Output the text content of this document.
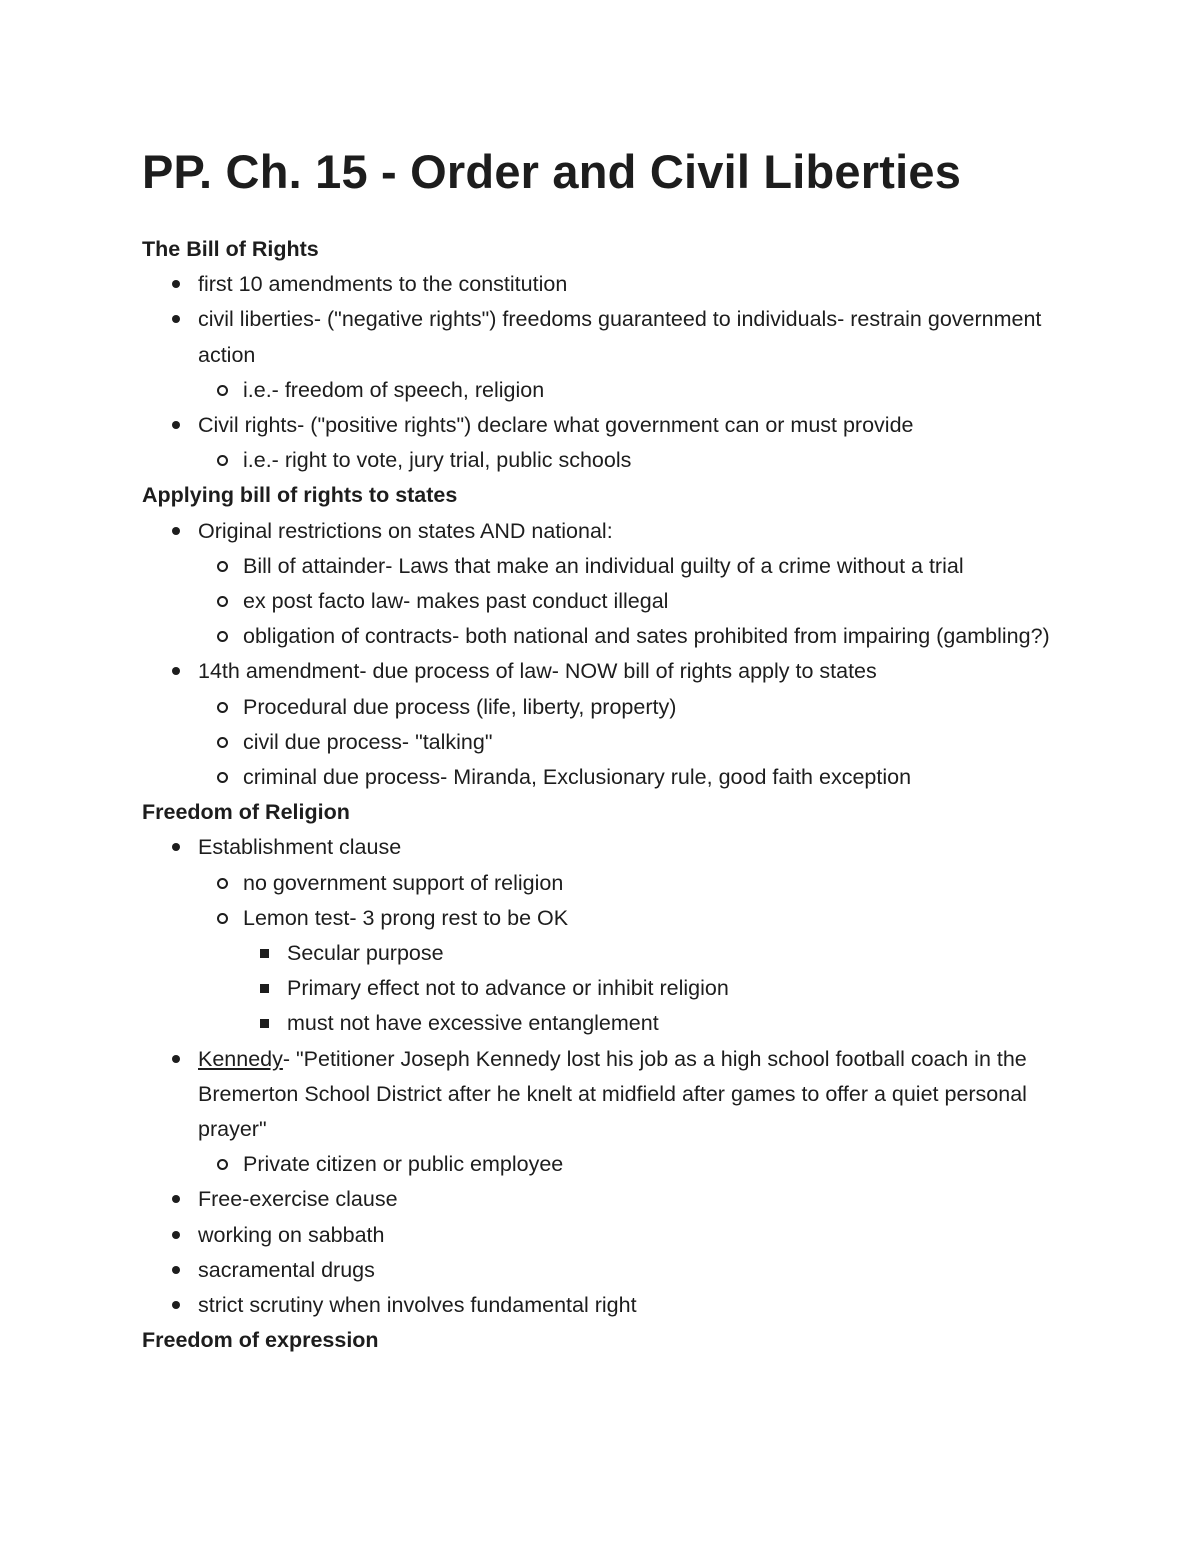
PP. Ch. 15 - Order and Civil Liberties

The Bill of Rights

first 10 amendments to the constitution
civil liberties- ("negative rights") freedoms guaranteed to individuals- restrain government action
i.e.- freedom of speech, religion
Civil rights- ("positive rights") declare what government can or must provide
i.e.- right to vote, jury trial, public schools

Applying bill of rights to states

Original restrictions on states AND national:
Bill of attainder- Laws that make an individual guilty of a crime without a trial
ex post facto law- makes past conduct illegal
obligation of contracts- both national and sates prohibited from impairing (gambling?)
14th amendment- due process of law- NOW bill of rights apply to states
Procedural due process (life, liberty, property)
civil due process- "talking"
criminal due process- Miranda, Exclusionary rule, good faith exception

Freedom of Religion

Establishment clause
no government support of religion
Lemon test- 3 prong rest to be OK
Secular purpose
Primary effect not to advance or inhibit religion
must not have excessive entanglement
Kennedy- "Petitioner Joseph Kennedy lost his job as a high school football coach in the Bremerton School District after he knelt at midfield after games to offer a quiet personal prayer"
Private citizen or public employee
Free-exercise clause
working on sabbath
sacramental drugs
strict scrutiny when involves fundamental right

Freedom of expression
